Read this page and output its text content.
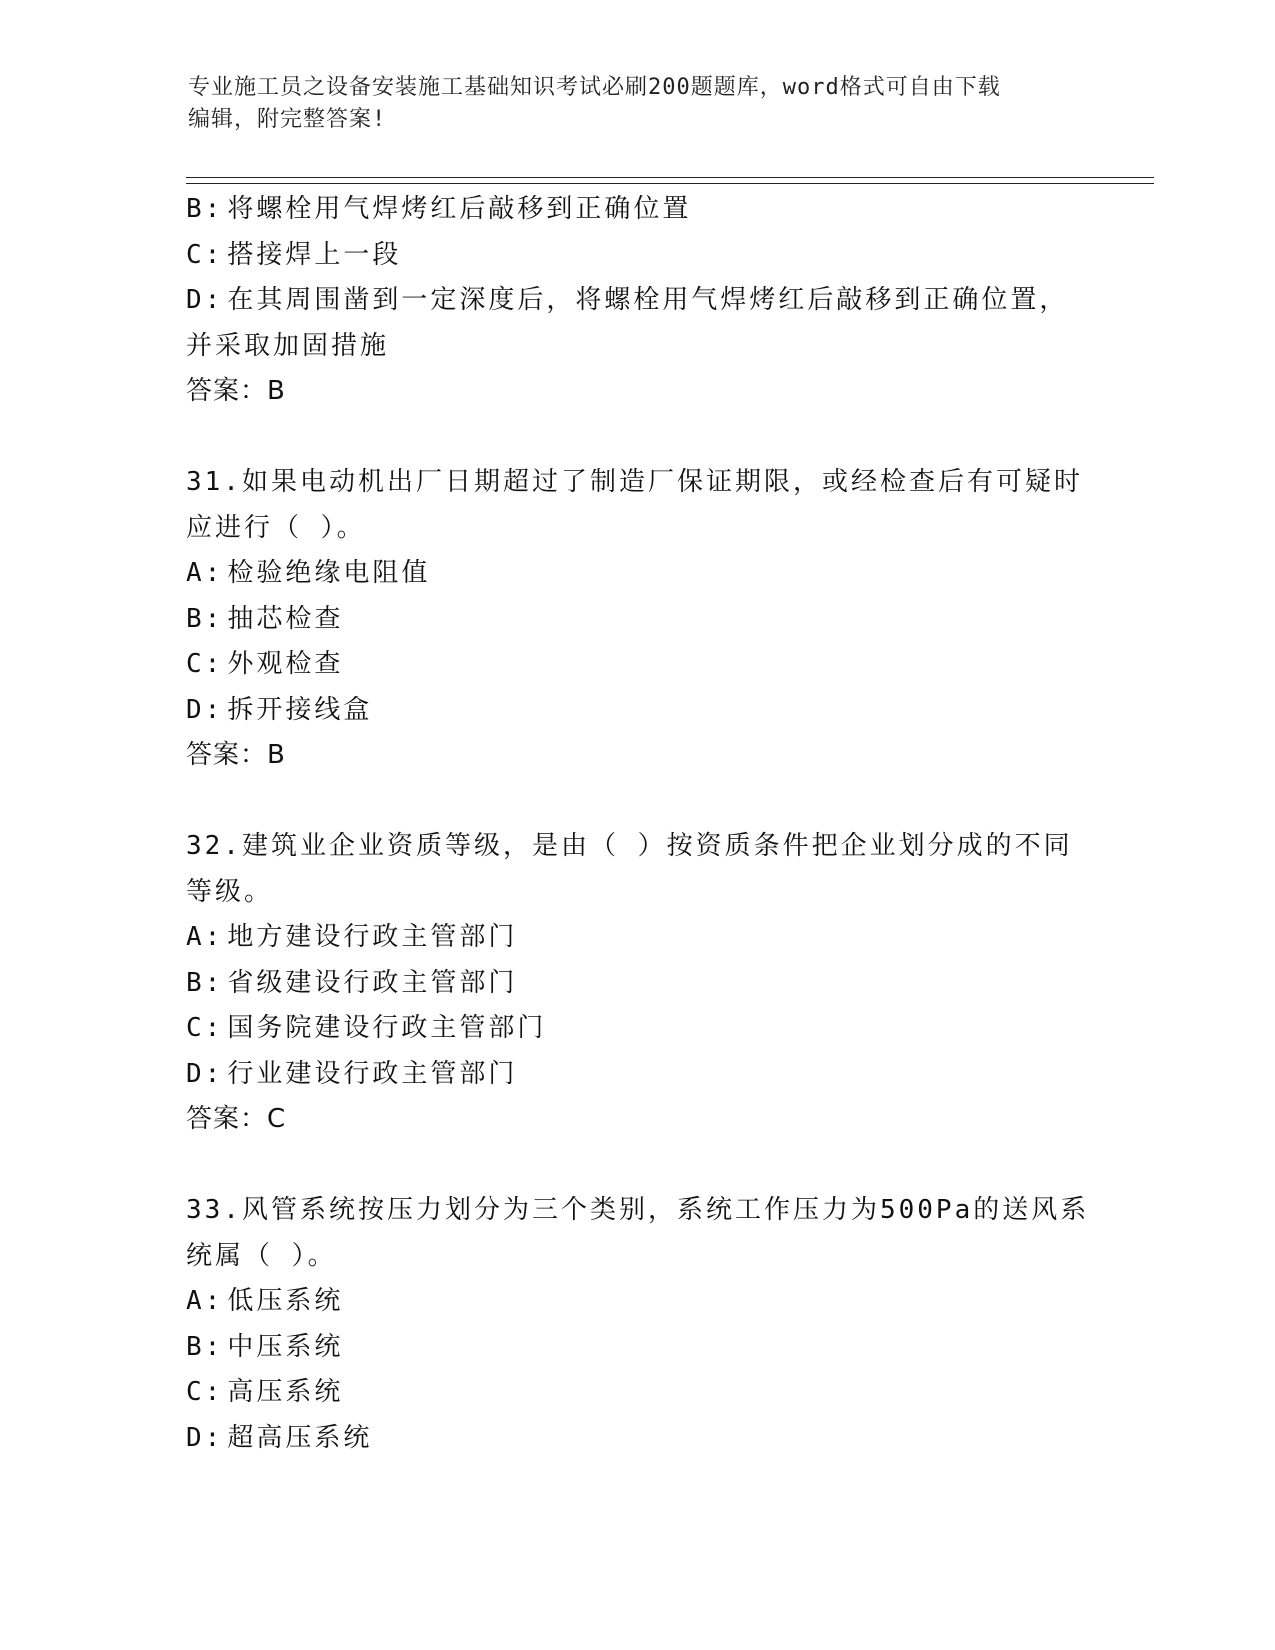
专业施工员之设备安装施工基础知识考试必刷200题题库，word格式可自由下载
编辑，附完整答案!
B: 将螺栓用气焊烤红后敲移到正确位置
C: 搭接焊上一段
D: 在其周围凿到一定深度后，将螺栓用气焊烤红后敲移到正确位置，
并采取加固措施
答案：B
31.如果电动机出厂日期超过了制造厂保证期限，或经检查后有可疑时
应进行（ ）。
A: 检验绝缘电阻值
B: 抽芯检查
C: 外观检查
D: 拆开接线盒
答案：B
32.建筑业企业资质等级，是由（ ）按资质条件把企业划分成的不同
等级。
A: 地方建设行政主管部门
B: 省级建设行政主管部门
C: 国务院建设行政主管部门
D: 行业建设行政主管部门
答案：C
33.风管系统按压力划分为三个类别，系统工作压力为500Pa的送风系
统属（ ）。
A: 低压系统
B: 中压系统
C: 高压系统
D: 超高压系统
